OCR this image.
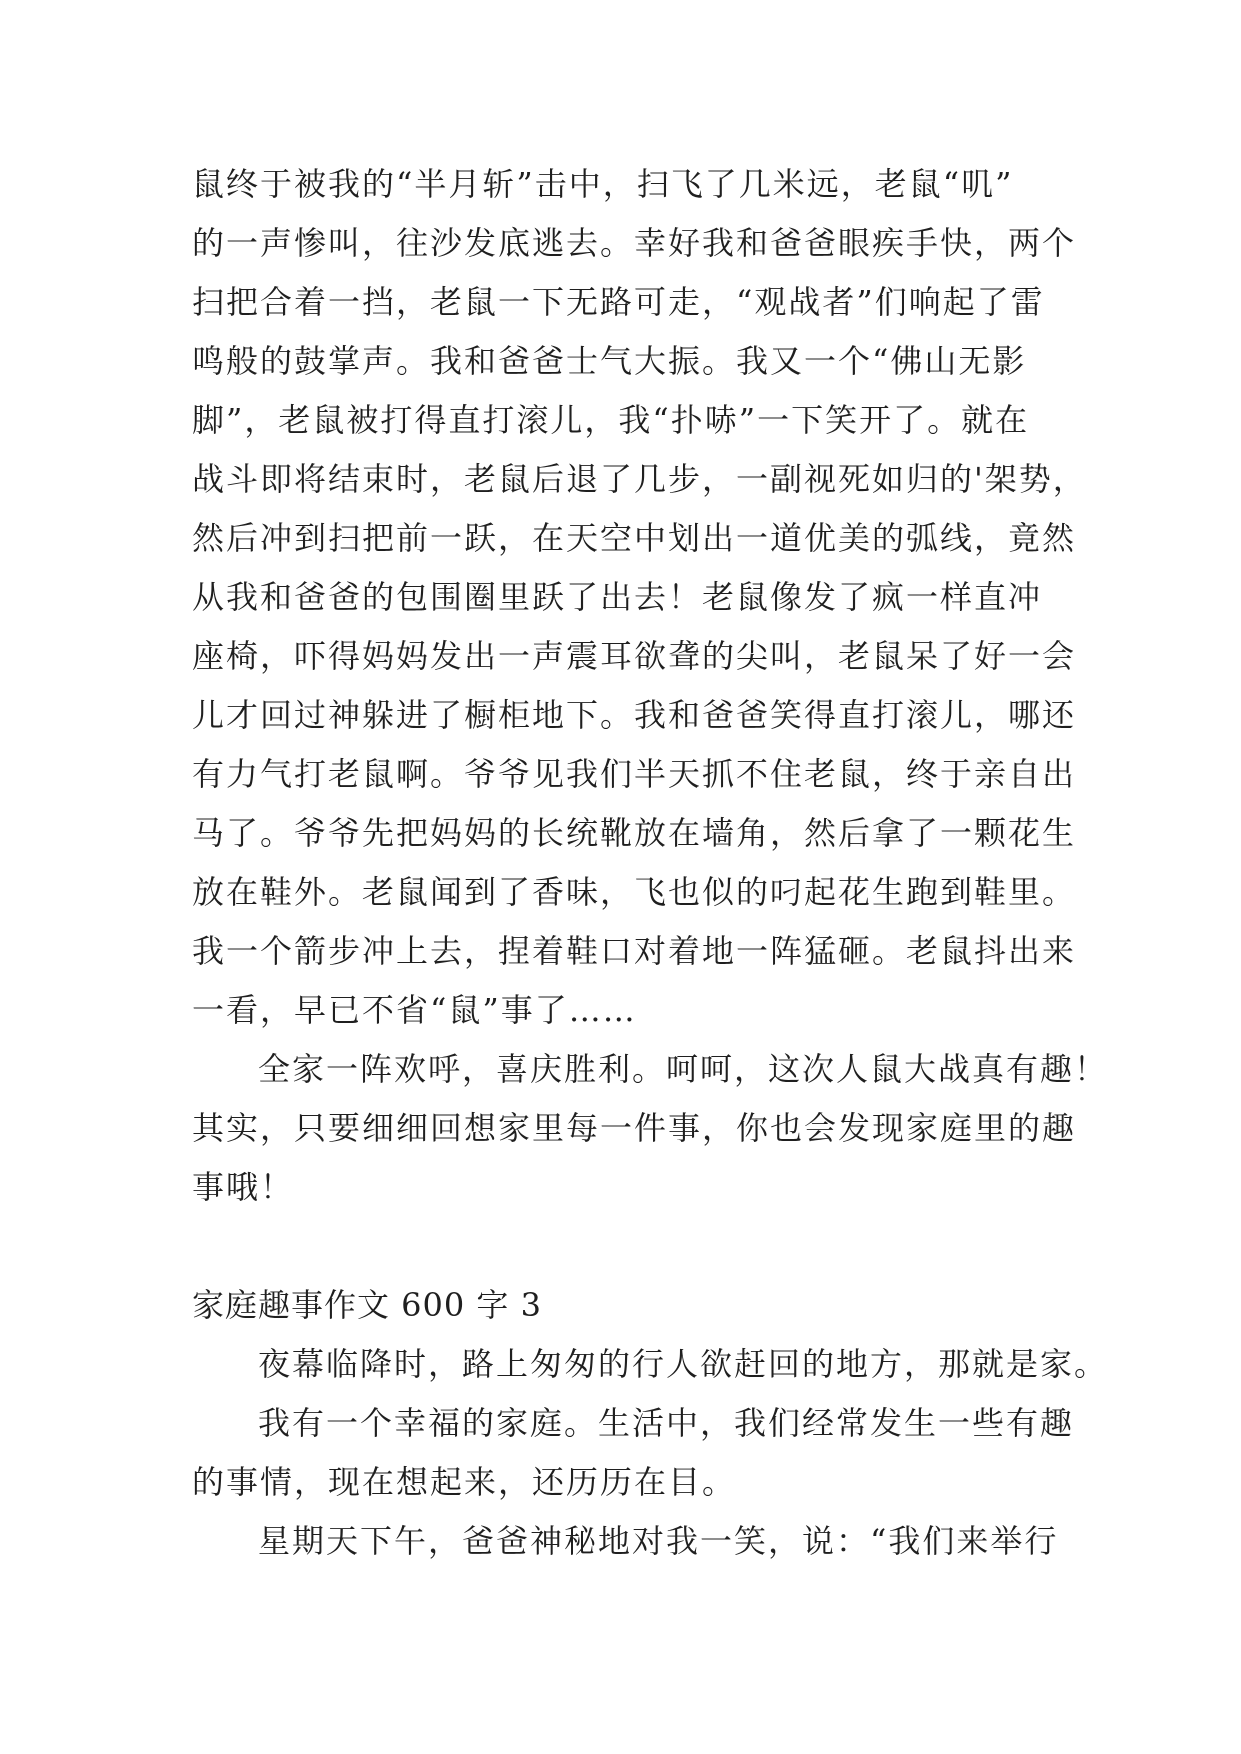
鼠终于被我的“半月斩”击中，扫飞了几米远，老鼠“叽”
的一声惨叫，往沙发底逃去。幸好我和爸爸眼疾手快，两个
扫把合着一挡，老鼠一下无路可走，“观战者”们响起了雷
鸣般的鼓掌声。我和爸爸士气大振。我又一个“佛山无影
脚”，老鼠被打得直打滚儿，我“扑哧”一下笑开了。就在
战斗即将结束时，老鼠后退了几步，一副视死如归的'架势，
然后冲到扫把前一跃，在天空中划出一道优美的弧线，竟然
从我和爸爸的包围圈里跃了出去！老鼠像发了疯一样直冲
座椅，吓得妈妈发出一声震耳欲聋的尖叫，老鼠呆了好一会
儿才回过神躲进了橱柜地下。我和爸爸笑得直打滚儿，哪还
有力气打老鼠啊。爷爷见我们半天抓不住老鼠，终于亲自出
马了。爷爷先把妈妈的长统靴放在墙角，然后拿了一颗花生
放在鞋外。老鼠闻到了香味，飞也似的叼起花生跑到鞋里。
我一个箭步冲上去，捏着鞋口对着地一阵猛砸。老鼠抖出来
一看，早已不省“鼠”事了……
全家一阵欢呼，喜庆胜利。呵呵，这次人鼠大战真有趣！
其实，只要细细回想家里每一件事，你也会发现家庭里的趣
事哦！
家庭趣事作文 600 字 3
夜幕临降时，路上匆匆的行人欲赶回的地方，那就是家。
我有一个幸福的家庭。生活中，我们经常发生一些有趣
的事情，现在想起来，还历历在目。
星期天下午，爸爸神秘地对我一笑，说：“我们来举行
